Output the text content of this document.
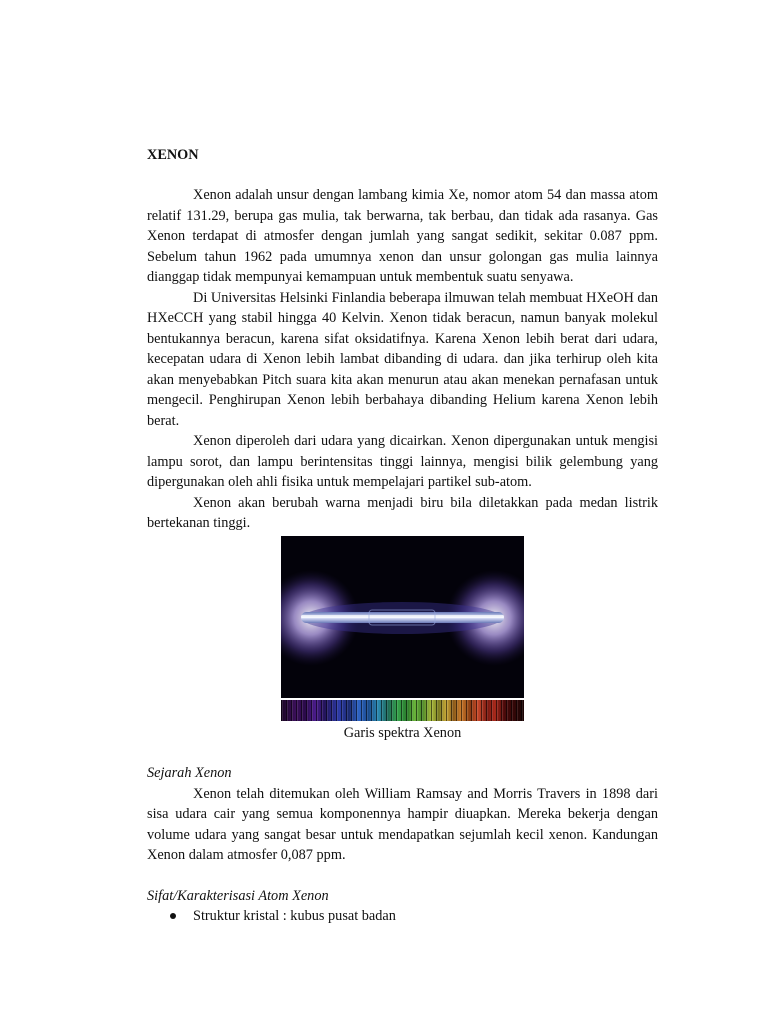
XENON

Xenon adalah unsur dengan lambang kimia Xe, nomor atom 54 dan massa atom relatif 131.29, berupa gas mulia, tak berwarna, tak berbau, dan tidak ada rasanya. Gas Xenon terdapat di atmosfer dengan jumlah yang sangat sedikit, sekitar 0.087 ppm. Sebelum tahun 1962 pada umumnya xenon dan unsur golongan gas mulia lainnya dianggap tidak mempunyai kemampuan untuk membentuk suatu senyawa.

Di Universitas Helsinki Finlandia beberapa ilmuwan telah membuat HXeOH dan HXeCCH yang stabil hingga 40 Kelvin. Xenon tidak beracun, namun banyak molekul bentukannya beracun, karena sifat oksidatifnya. Karena Xenon lebih berat dari udara, kecepatan udara di Xenon lebih lambat dibanding di udara. dan jika terhirup oleh kita akan menyebabkan Pitch suara kita akan menurun atau akan menekan pernafasan untuk mengecil. Penghirupan Xenon lebih berbahaya dibanding Helium karena Xenon lebih berat.

Xenon diperoleh dari udara yang dicairkan. Xenon dipergunakan untuk mengisi lampu sorot, dan lampu berintensitas tinggi lainnya, mengisi bilik gelembung yang dipergunakan oleh ahli fisika untuk mempelajari partikel sub-atom.

Xenon akan berubah warna menjadi biru bila diletakkan pada medan listrik bertekanan tinggi.

Garis spektra Xenon
Sejarah Xenon

Xenon telah ditemukan oleh William Ramsay and Morris Travers in 1898 dari sisa udara cair yang semua komponennya hampir diuapkan. Mereka bekerja dengan volume udara yang sangat besar untuk mendapatkan sejumlah kecil xenon. Kandungan Xenon dalam atmosfer 0,087 ppm.

Sifat/Karakterisasi Atom Xenon
Struktur kristal : kubus pusat badan
